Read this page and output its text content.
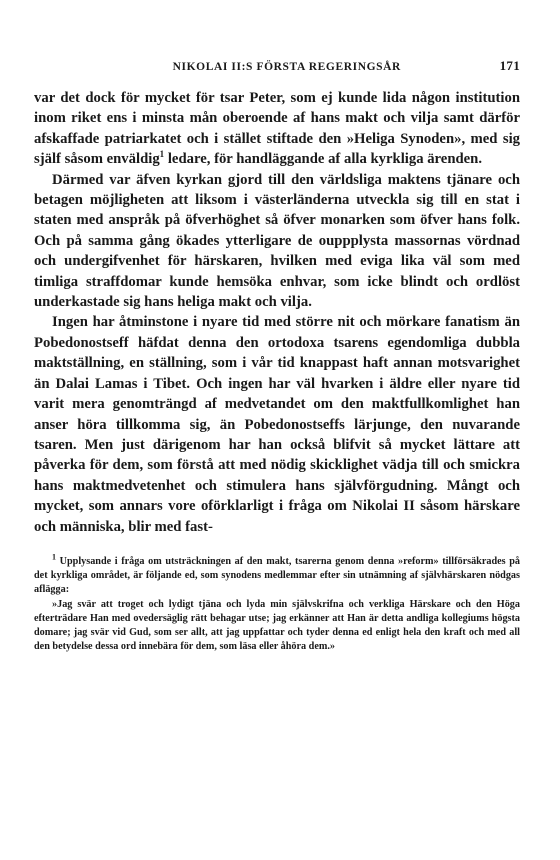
NIKOLAI II:S FÖRSTA REGERINGSÅR	171

var det dock för mycket för tsar Peter, som ej kunde lida någon institution inom riket ens i minsta mån oberoende af hans makt och vilja samt därför afskaffade patriarkatet och i stället stiftade den »Heliga Synoden», med sig själf såsom enväldig$^1$ ledare, för handläggande af alla kyrkliga ärenden.

Därmed var äfven kyrkan gjord till den världsliga maktens tjänare och betagen möjligheten att liksom i västerländerna utveckla sig till en stat i staten med anspråk på öfverhöghet så öfver monarken som öfver hans folk. Och på samma gång ökades ytterligare de ouppplysta massornas vördnad och undergifvenhet för härskaren, hvilken med eviga lika väl som med timliga straffdomar kunde hemsöka enhvar, som icke blindt och ordlöst underkastade sig hans heliga makt och vilja.

Ingen har åtminstone i nyare tid med större nit och mörkare fanatism än Pobedonostseff häfdat denna den ortodoxa tsarens egendomliga dubbla maktställning, en ställning, som i vår tid knappast haft annan motsvarighet än Dalai Lamas i Tibet. Och ingen har väl hvarken i äldre eller nyare tid varit mera genomträngd af medvetandet om den maktfullkomlighet han anser höra tillkomma sig, än Pobedonostseffs lärjunge, den nuvarande tsaren. Men just därigenom har han också blifvit så mycket lättare att påverka för dem, som förstå att med nödig skicklighet vädja till och smickra hans maktmedvetenhet och stimulera hans självförgudning. Mångt och mycket, som annars vore oförklarligt i fråga om Nikolai II såsom härskare och människa, blir med fast-

$^1$ Upplysande i fråga om utsträckningen af den makt, tsarerna genom denna »reform» tillförsäkrades på det kyrkliga området, är följande ed, som synodens medlemmar efter sin utnämning af självhärskaren nödgas aflägga:

»Jag svär att troget och lydigt tjäna och lyda min självskrifna och verkliga Härskare och den Höga efterträdare Han med ovedersäglig rätt behagar utse; jag erkänner att Han är detta andliga kollegiums högsta domare; jag svär vid Gud, som ser allt, att jag uppfattar och tyder denna ed enligt hela den kraft och med all den betydelse dessa ord innebära för dem, som läsa eller åhöra dem.»
